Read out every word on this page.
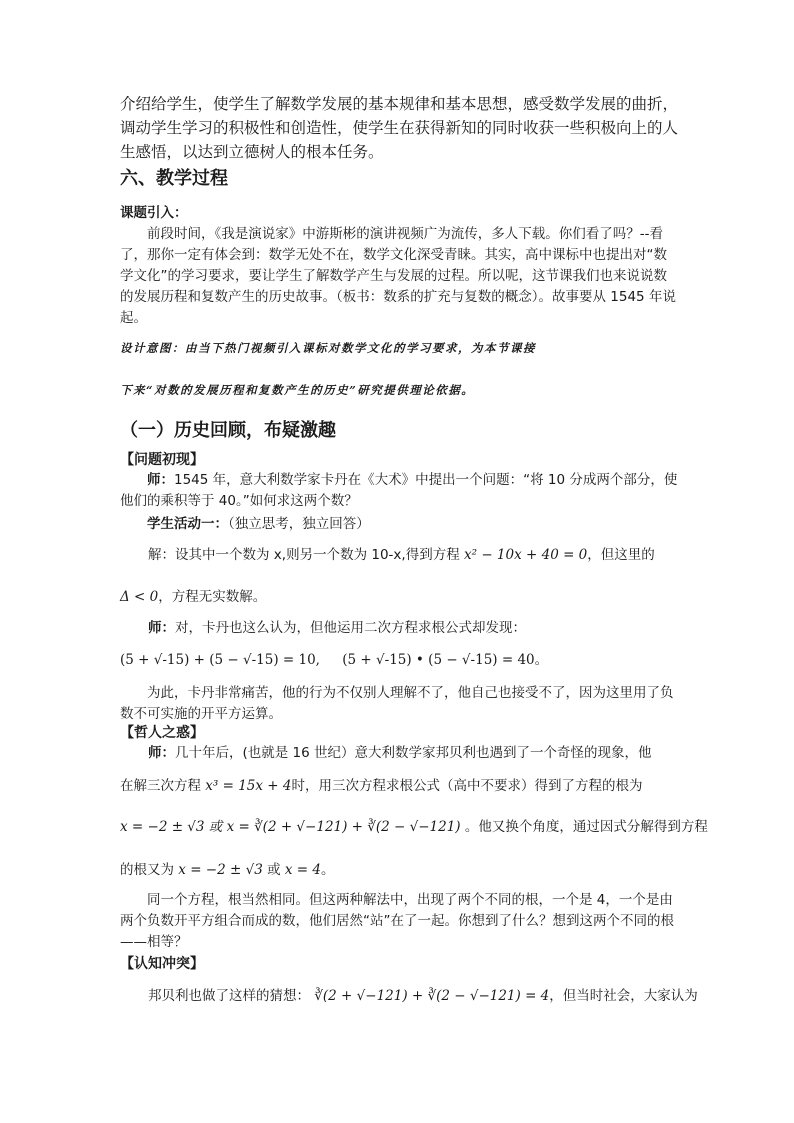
介绍给学生，使学生了解数学发展的基本规律和基本思想，感受数学发展的曲折，调动学生学习的积极性和创造性，使学生在获得新知的同时收获一些积极向上的人生感悟，以达到立德树人的根本任务。

六、教学过程
课题引入：
前段时间，《我是演说家》中游斯彬的演讲视频广为流传，多人下载。你们看了吗？--看了，那你一定有体会到：数学无处不在，数学文化深受青睐。其实，高中课标中也提出对“数学文化”的学习要求，要让学生了解数学产生与发展的过程。所以呢，这节课我们也来说说数的发展历程和复数产生的历史故事。（板书：数系的扩充与复数的概念）。故事要从 1545 年说起。
设计意图：由当下热门视频引入课标对数学文化的学习要求，为本节课接
下来“对数的发展历程和复数产生的历史”研究提供理论依据。
（一）历史回顾，布疑激趣
【问题初现】
师：1545 年，意大利数学家卡丹在《大术》中提出一个问题：“将 10 分成两个部分，使他们的乘积等于 40。”如何求这两个数？
学生活动一：（独立思考，独立回答）
解：设其中一个数为 x,则另一个数为 10-x,得到方程 x² − 10x + 40 = 0，但这里的
Δ < 0，方程无实数解。
师：对，卡丹也这么认为，但他运用二次方程求根公式却发现：
(5 + √-15) + (5 − √-15) = 10, (5 + √-15) • (5 − √-15) = 40。
为此，卡丹非常痛苦，他的行为不仅别人理解不了，他自己也接受不了，因为这里用了负数不可实施的开平方运算。
【哲人之惑】
师：几十年后，(也就是 16 世纪）意大利数学家邦贝利也遇到了一个奇怪的现象，他
在解三次方程 x³ = 15x + 4时，用三次方程求根公式（高中不要求）得到了方程的根为
x = −2 ± √3 或 x = ∛(2 + √−121) + ∛(2 − √−121) 。他又换个角度，通过因式分解得到方程
的根又为 x = −2 ± √3 或 x = 4。
同一个方程，根当然相同。但这两种解法中，出现了两个不同的根，一个是 4，一个是由两个负数开平方组合而成的数，他们居然“站”在了一起。你想到了什么？想到这两个不同的根——相等？
【认知冲突】
邦贝利也做了这样的猜想： ∛(2 + √−121) + ∛(2 − √−121) = 4，但当时社会，大家认为
